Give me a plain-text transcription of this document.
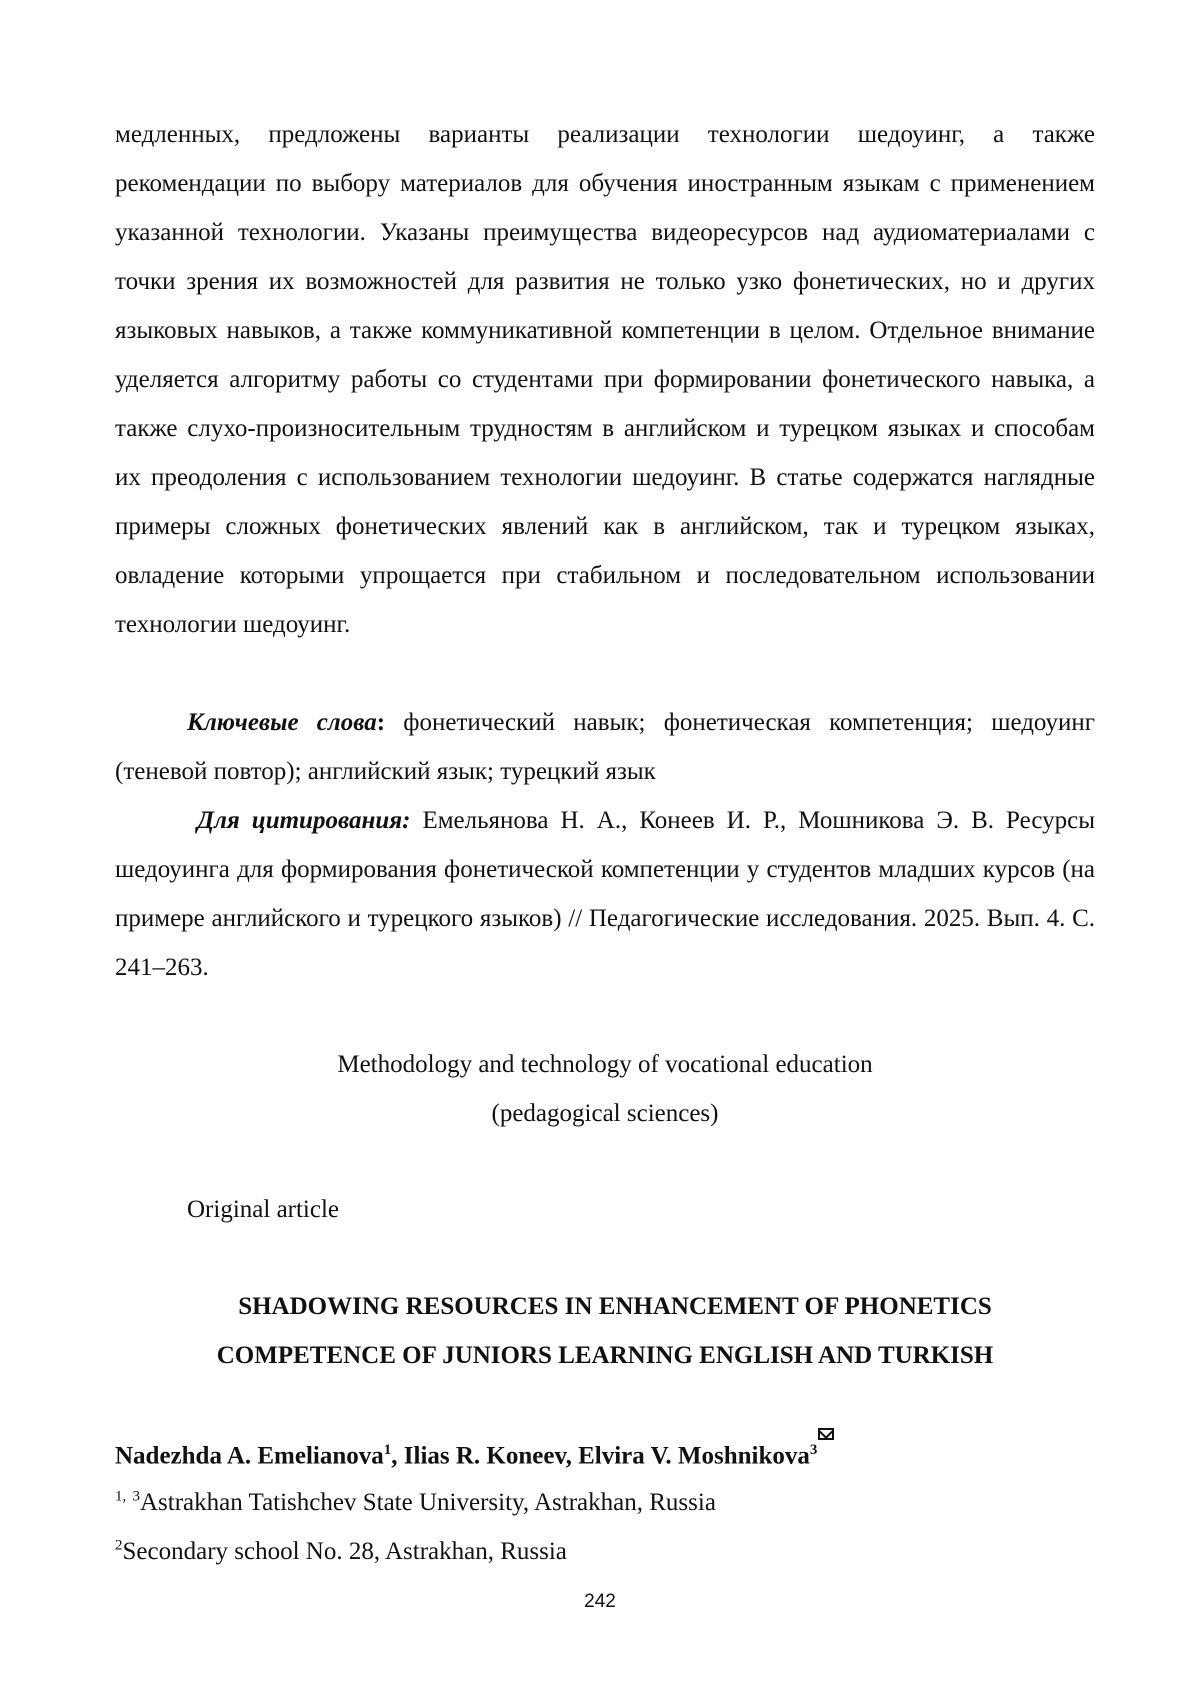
медленных, предложены варианты реализации технологии шедоуинг, а также рекомендации по выбору материалов для обучения иностранным языкам с применением указанной технологии. Указаны преимущества видеоресурсов над аудиоматериалами с точки зрения их возможностей для развития не только узко фонетических, но и других языковых навыков, а также коммуникативной компетенции в целом. Отдельное внимание уделяется алгоритму работы со студентами при формировании фонетического навыка, а также слухо-произносительным трудностям в английском и турецком языках и способам их преодоления с использованием технологии шедоуинг. В статье содержатся наглядные примеры сложных фонетических явлений как в английском, так и турецком языках, овладение которыми упрощается при стабильном и последовательном использовании технологии шедоуинг.

Ключевые слова: фонетический навык; фонетическая компетенция; шедоуинг (теневой повтор); английский язык; турецкий язык

Для цитирования: Емельянова Н. А., Конеев И. Р., Мошникова Э. В. Ресурсы шедоуинга для формирования фонетической компетенции у студентов младших курсов (на примере английского и турецкого языков) // Педагогические исследования. 2025. Вып. 4. С. 241–263.

Methodology and technology of vocational education

(pedagogical sciences)

Original article

SHADOWING RESOURCES IN ENHANCEMENT OF PHONETICS

COMPETENCE OF JUNIORS LEARNING ENGLISH AND TURKISH

Nadezhda A. Emelianova$^1$, Ilias R. Koneev, Elvira V. Moshnikova$^3$

$^{1,}$ $^3$Astrakhan Tatishchev State University, Astrakhan, Russia

$^2$Secondary school No. 28, Astrakhan, Russia

242
